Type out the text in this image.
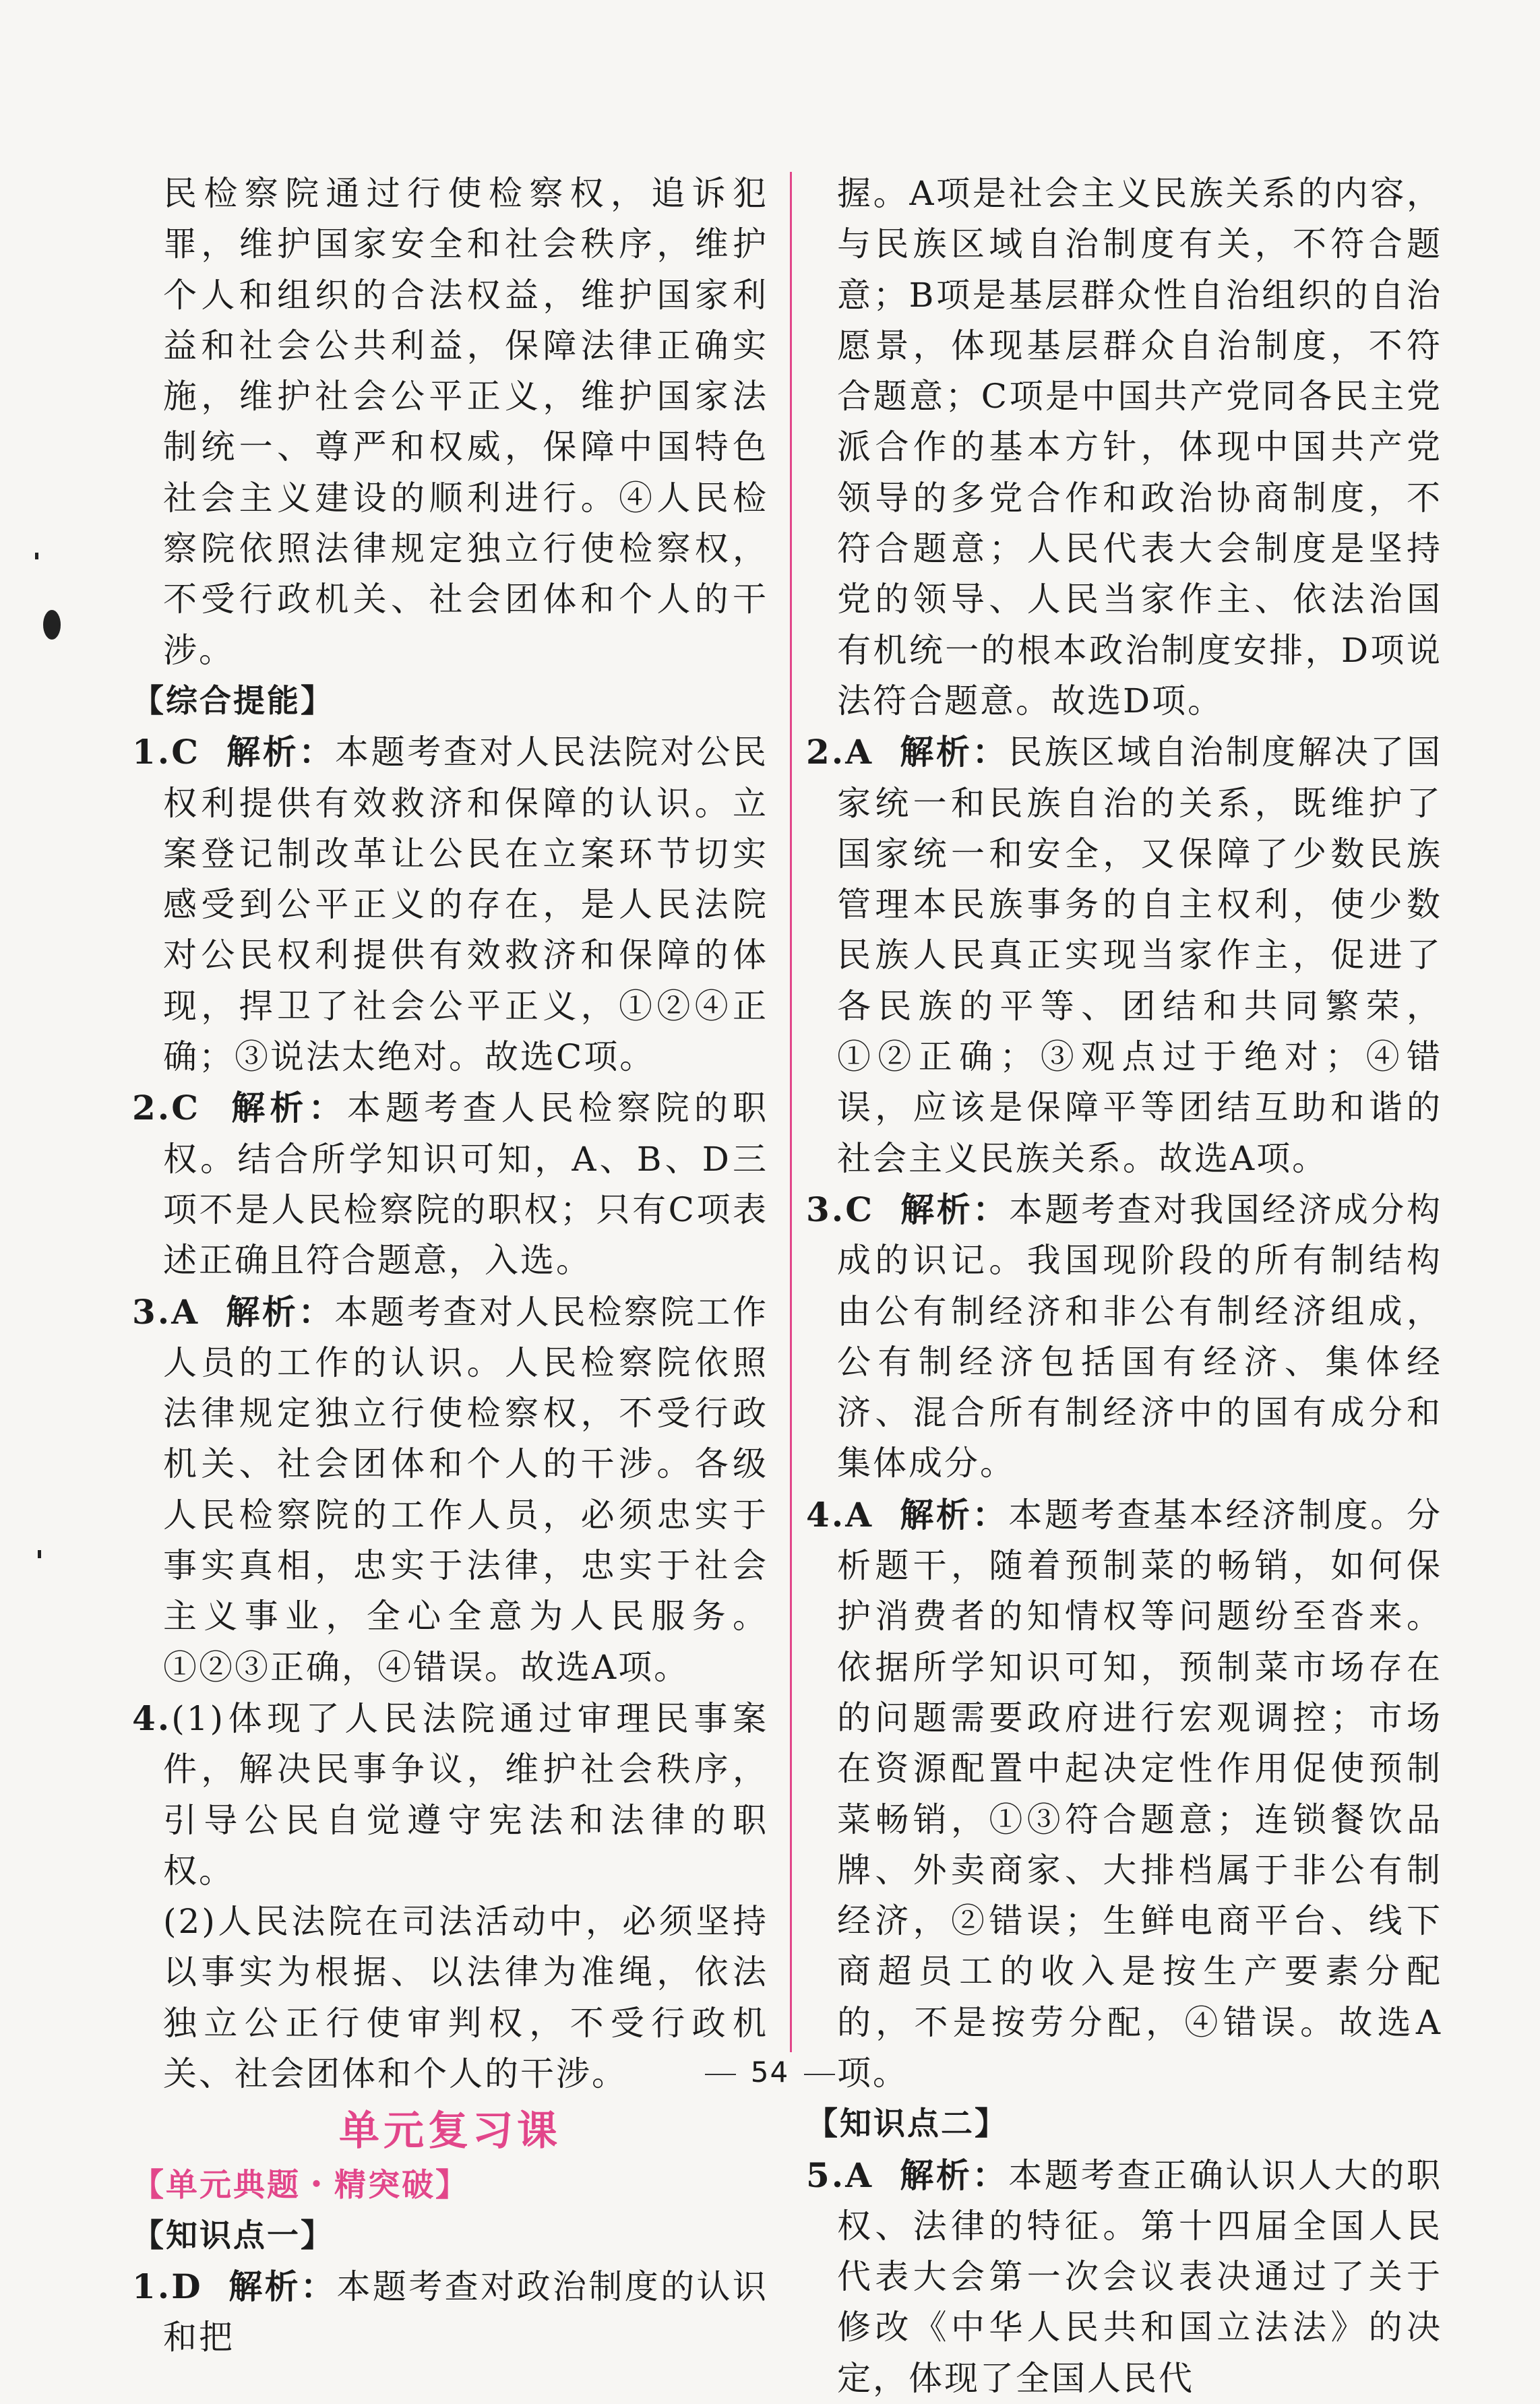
民检察院通过行使检察权，追诉犯罪，维护国家安全和社会秩序，维护个人和组织的合法权益，维护国家利益和社会公共利益，保障法律正确实施，维护社会公平正义，维护国家法制统一、尊严和权威，保障中国特色社会主义建设的顺利进行。④人民检察院依照法律规定独立行使检察权，不受行政机关、社会团体和个人的干涉。

【综合提能】

1.C 解析：本题考查对人民法院对公民权利提供有效救济和保障的认识。立案登记制改革让公民在立案环节切实感受到公平正义的存在，是人民法院对公民权利提供有效救济和保障的体现，捍卫了社会公平正义，①②④正确；③说法太绝对。故选C项。

2.C 解析：本题考查人民检察院的职权。结合所学知识可知，A、B、D三项不是人民检察院的职权；只有C项表述正确且符合题意，入选。

3.A 解析：本题考查对人民检察院工作人员的工作的认识。人民检察院依照法律规定独立行使检察权，不受行政机关、社会团体和个人的干涉。各级人民检察院的工作人员，必须忠实于事实真相，忠实于法律，忠实于社会主义事业，全心全意为人民服务。①②③正确，④错误。故选A项。

4.(1)体现了人民法院通过审理民事案件，解决民事争议，维护社会秩序，引导公民自觉遵守宪法和法律的职权。

(2)人民法院在司法活动中，必须坚持以事实为根据、以法律为准绳，依法独立公正行使审判权，不受行政机关、社会团体和个人的干涉。

单元复习课

【单元典题・精突破】

【知识点一】

1.D 解析：本题考查对政治制度的认识和把

握。A项是社会主义民族关系的内容，与民族区域自治制度有关，不符合题意；B项是基层群众性自治组织的自治愿景，体现基层群众自治制度，不符合题意；C项是中国共产党同各民主党派合作的基本方针，体现中国共产党领导的多党合作和政治协商制度，不符合题意；人民代表大会制度是坚持党的领导、人民当家作主、依法治国有机统一的根本政治制度安排，D项说法符合题意。故选D项。

2.A 解析：民族区域自治制度解决了国家统一和民族自治的关系，既维护了国家统一和安全，又保障了少数民族管理本民族事务的自主权利，使少数民族人民真正实现当家作主，促进了各民族的平等、团结和共同繁荣，①②正确；③观点过于绝对；④错误，应该是保障平等团结互助和谐的社会主义民族关系。故选A项。

3.C 解析：本题考查对我国经济成分构成的识记。我国现阶段的所有制结构由公有制经济和非公有制经济组成，公有制经济包括国有经济、集体经济、混合所有制经济中的国有成分和集体成分。

4.A 解析：本题考查基本经济制度。分析题干，随着预制菜的畅销，如何保护消费者的知情权等问题纷至沓来。依据所学知识可知，预制菜市场存在的问题需要政府进行宏观调控；市场在资源配置中起决定性作用促使预制菜畅销，①③符合题意；连锁餐饮品牌、外卖商家、大排档属于非公有制经济，②错误；生鲜电商平台、线下商超员工的收入是按生产要素分配的，不是按劳分配，④错误。故选A项。

【知识点二】

5.A 解析：本题考查正确认识人大的职权、法律的特征。第十四届全国人民代表大会第一次会议表决通过了关于修改《中华人民共和国立法法》的决定，体现了全国人民代

54
